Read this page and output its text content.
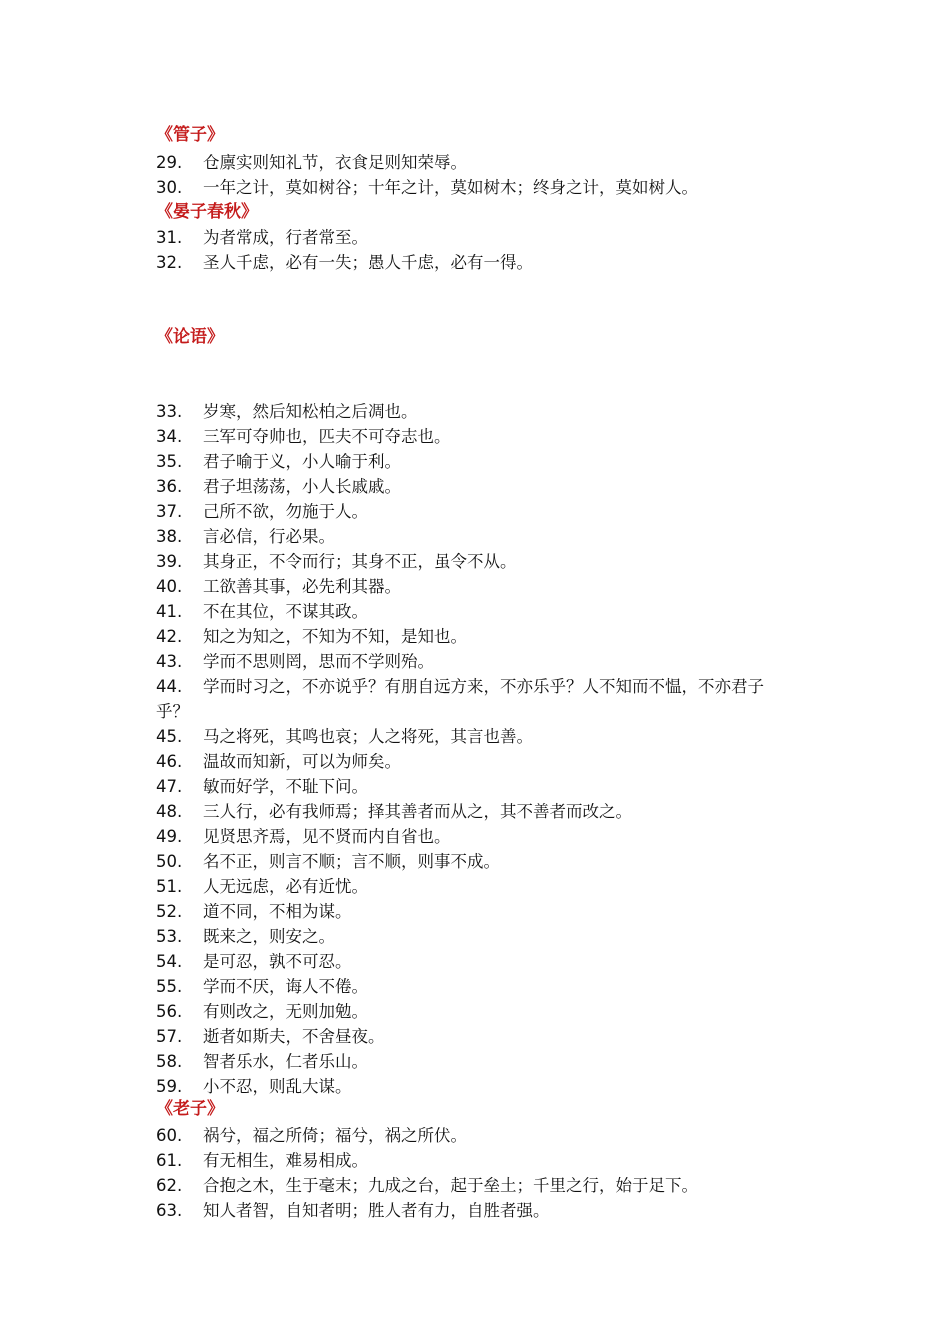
《管子》
29. 仓廪实则知礼节，衣食足则知荣辱。
30. 一年之计，莫如树谷；十年之计，莫如树木；终身之计，莫如树人。
《晏子春秋》
31. 为者常成，行者常至。
32. 圣人千虑，必有一失；愚人千虑，必有一得。
《论语》
33. 岁寒，然后知松柏之后凋也。
34. 三军可夺帅也，匹夫不可夺志也。
35. 君子喻于义，小人喻于利。
36. 君子坦荡荡，小人长戚戚。
37. 己所不欲，勿施于人。
38. 言必信，行必果。
39. 其身正，不令而行；其身不正，虽令不从。
40. 工欲善其事，必先利其器。
41. 不在其位，不谋其政。
42. 知之为知之，不知为不知，是知也。
43. 学而不思则罔，思而不学则殆。
44. 学而时习之，不亦说乎？有朋自远方来，不亦乐乎？人不知而不愠，不亦君子乎？
45. 马之将死，其鸣也哀；人之将死，其言也善。
46. 温故而知新，可以为师矣。
47. 敏而好学，不耻下问。
48. 三人行，必有我师焉；择其善者而从之，其不善者而改之。
49. 见贤思齐焉，见不贤而内自省也。
50. 名不正，则言不顺；言不顺，则事不成。
51. 人无远虑，必有近忧。
52. 道不同，不相为谋。
53. 既来之，则安之。
54. 是可忍，孰不可忍。
55. 学而不厌，诲人不倦。
56. 有则改之，无则加勉。
57. 逝者如斯夫，不舍昼夜。
58. 智者乐水，仁者乐山。
59. 小不忍，则乱大谋。
《老子》
60. 祸兮，福之所倚；福兮，祸之所伏。
61. 有无相生，难易相成。
62. 合抱之木，生于毫末；九成之台，起于垒土；千里之行，始于足下。
63. 知人者智，自知者明；胜人者有力，自胜者强。
